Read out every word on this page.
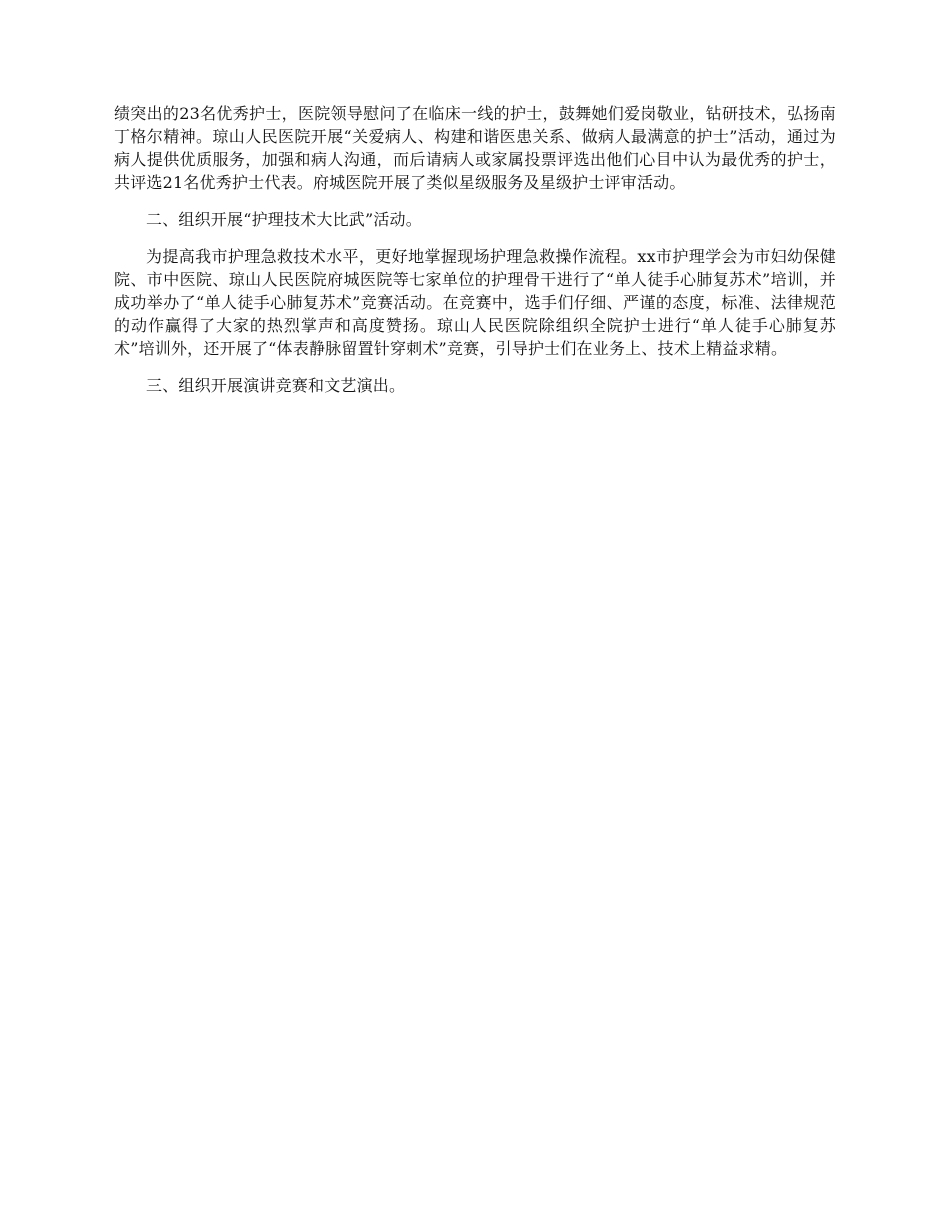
绩突出的23名优秀护士，医院领导慰问了在临床一线的护士，鼓舞她们爱岗敬业，钻研技术，弘扬南丁格尔精神。琼山人民医院开展“关爱病人、构建和谐医患关系、做病人最满意的护士”活动，通过为病人提供优质服务，加强和病人沟通，而后请病人或家属投票评选出他们心目中认为最优秀的护士，共评选21名优秀护士代表。府城医院开展了类似星级服务及星级护士评审活动。

二、组织开展“护理技术大比武”活动。

为提高我市护理急救技术水平，更好地掌握现场护理急救操作流程。xx市护理学会为市妇幼保健院、市中医院、琼山人民医院府城医院等七家单位的护理骨干进行了“单人徒手心肺复苏术”培训，并成功举办了“单人徒手心肺复苏术”竞赛活动。在竞赛中，选手们仔细、严谨的态度，标准、法律规范的动作赢得了大家的热烈掌声和高度赞扬。琼山人民医院除组织全院护士进行“单人徒手心肺复苏术”培训外，还开展了“体表静脉留置针穿刺术”竞赛，引导护士们在业务上、技术上精益求精。

三、组织开展演讲竞赛和文艺演出。
